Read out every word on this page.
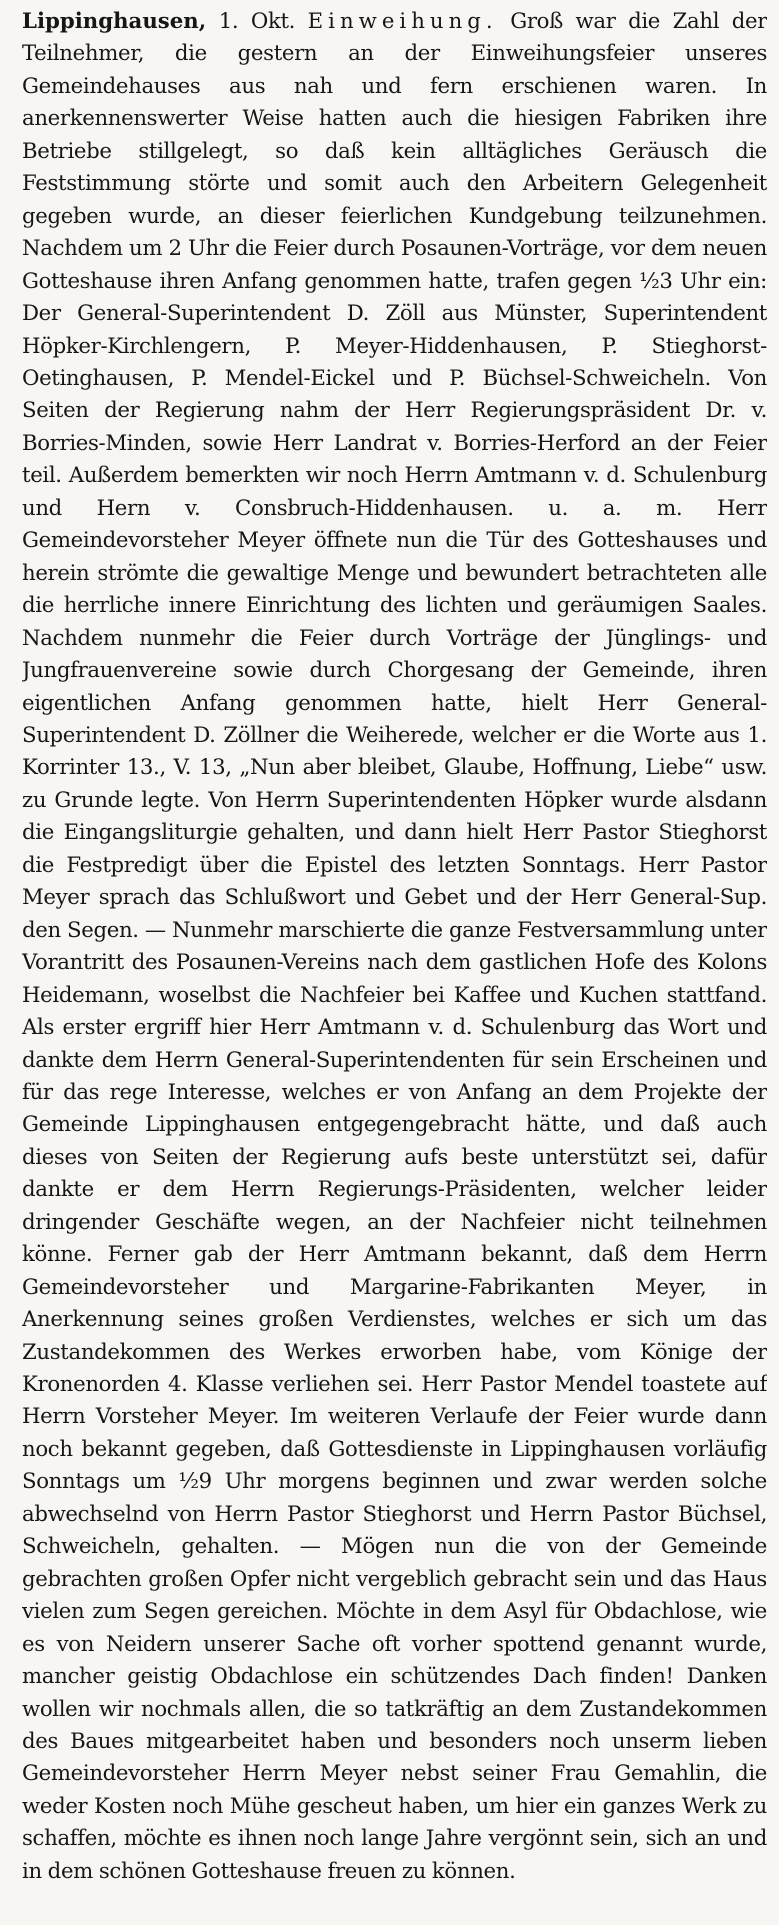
Lippinghausen, 1. Okt. Einweihung. Groß war die Zahl der Teilnehmer, die gestern an der Einweihungsfeier unseres Gemeindehauses aus nah und fern erschienen waren. In anerkennenswerter Weise hatten auch die hiesigen Fabriken ihre Betriebe stillgelegt, so daß kein alltägliches Geräusch die Feststimmung störte und somit auch den Arbeitern Gelegenheit gegeben wurde, an dieser feierlichen Kundgebung teilzunehmen. Nachdem um 2 Uhr die Feier durch Posaunen-Vorträge, vor dem neuen Gotteshause ihren Anfang genommen hatte, trafen gegen ½3 Uhr ein: Der General-Superintendent D. Zöll aus Münster, Superintendent Höpker-Kirchlengern, P. Meyer-Hiddenhausen, P. Stieghorst-Oetinghausen, P. Mendel-Eickel und P. Büchsel-Schweicheln. Von Seiten der Regierung nahm der Herr Regierungspräsident Dr. v. Borries-Minden, sowie Herr Landrat v. Borries-Herford an der Feier teil. Außerdem bemerkten wir noch Herrn Amtmann v. d. Schulenburg und Hern v. Consbruch-Hiddenhausen. u. a. m. Herr Gemeindevorsteher Meyer öffnete nun die Tür des Gotteshauses und herein strömte die gewaltige Menge und bewundert betrachteten alle die herrliche innere Einrichtung des lichten und geräumigen Saales. Nachdem nunmehr die Feier durch Vorträge der Jünglings- und Jungfrauenvereine sowie durch Chorgesang der Gemeinde, ihren eigentlichen Anfang genommen hatte, hielt Herr General-Superintendent D. Zöllner die Weiherede, welcher er die Worte aus 1. Korrinter 13., V. 13, „Nun aber bleibet, Glaube, Hoffnung, Liebe“ usw. zu Grunde legte. Von Herrn Superintendenten Höpker wurde alsdann die Eingangsliturgie gehalten, und dann hielt Herr Pastor Stieghorst die Festpredigt über die Epistel des letzten Sonntags. Herr Pastor Meyer sprach das Schlußwort und Gebet und der Herr General-Sup. den Segen. — Nunmehr marschierte die ganze Festversammlung unter Vorantritt des Posaunen-Vereins nach dem gastlichen Hofe des Kolons Heidemann, woselbst die Nachfeier bei Kaffee und Kuchen stattfand. Als erster ergriff hier Herr Amtmann v. d. Schulenburg das Wort und dankte dem Herrn General-Superintendenten für sein Erscheinen und für das rege Interesse, welches er von Anfang an dem Projekte der Gemeinde Lippinghausen entgegengebracht hätte, und daß auch dieses von Seiten der Regierung aufs beste unterstützt sei, dafür dankte er dem Herrn Regierungs-Präsidenten, welcher leider dringender Geschäfte wegen, an der Nachfeier nicht teilnehmen könne. Ferner gab der Herr Amtmann bekannt, daß dem Herrn Gemeindevorsteher und Margarine-Fabrikanten Meyer, in Anerkennung seines großen Verdienstes, welches er sich um das Zustandekommen des Werkes erworben habe, vom Könige der Kronenorden 4. Klasse verliehen sei. Herr Pastor Mendel toastete auf Herrn Vorsteher Meyer. Im weiteren Verlaufe der Feier wurde dann noch bekannt gegeben, daß Gottesdienste in Lippinghausen vorläufig Sonntags um ½9 Uhr morgens beginnen und zwar werden solche abwechselnd von Herrn Pastor Stieghorst und Herrn Pastor Büchsel, Schweicheln, gehalten. — Mögen nun die von der Gemeinde gebrachten großen Opfer nicht vergeblich gebracht sein und das Haus vielen zum Segen gereichen. Möchte in dem Asyl für Obdachlose, wie es von Neidern unserer Sache oft vorher spottend genannt wurde, mancher geistig Obdachlose ein schützendes Dach finden! Danken wollen wir nochmals allen, die so tatkräftig an dem Zustandekommen des Baues mitgearbeitet haben und besonders noch unserm lieben Gemeindevorsteher Herrn Meyer nebst seiner Frau Gemahlin, die weder Kosten noch Mühe gescheut haben, um hier ein ganzes Werk zu schaffen, möchte es ihnen noch lange Jahre vergönnt sein, sich an und in dem schönen Gotteshause freuen zu können.
